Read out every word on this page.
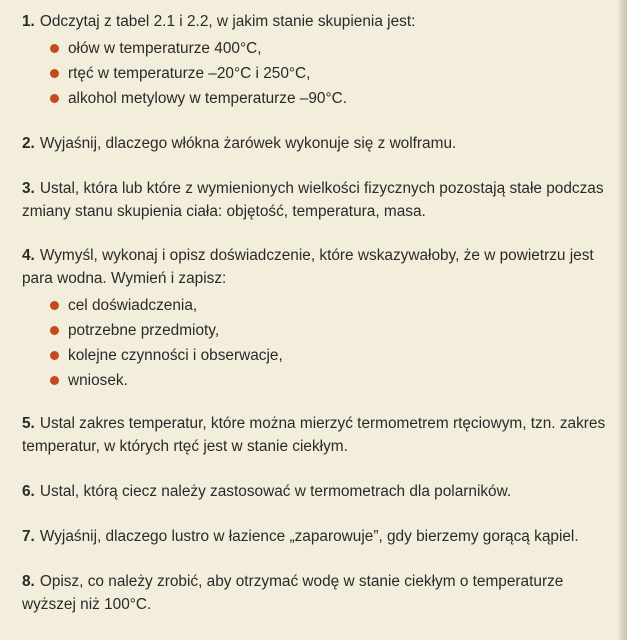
1. Odczytaj z tabel 2.1 i 2.2, w jakim stanie skupienia jest:

ołów w temperaturze 400°C,
rtęć w temperaturze –20°C i 250°C,
alkohol metylowy w temperaturze –90°C.

2. Wyjaśnij, dlaczego włókna żarówek wykonuje się z wolframu.

3. Ustal, która lub które z wymienionych wielkości fizycznych pozostają stałe podczas zmiany stanu skupienia ciała: objętość, temperatura, masa.

4. Wymyśl, wykonaj i opisz doświadczenie, które wskazywałoby, że w powietrzu jest para wodna. Wymień i zapisz:

cel doświadczenia,
potrzebne przedmioty,
kolejne czynności i obserwacje,
wniosek.

5. Ustal zakres temperatur, które można mierzyć termometrem rtęciowym, tzn. zakres temperatur, w których rtęć jest w stanie ciekłym.

6. Ustal, którą ciecz należy zastosować w termometrach dla polarników.

7. Wyjaśnij, dlaczego lustro w łazience „zaparowuje”, gdy bierzemy gorącą kąpiel.

8. Opisz, co należy zrobić, aby otrzymać wodę w stanie ciekłym o temperaturze wyższej niż 100°C.
